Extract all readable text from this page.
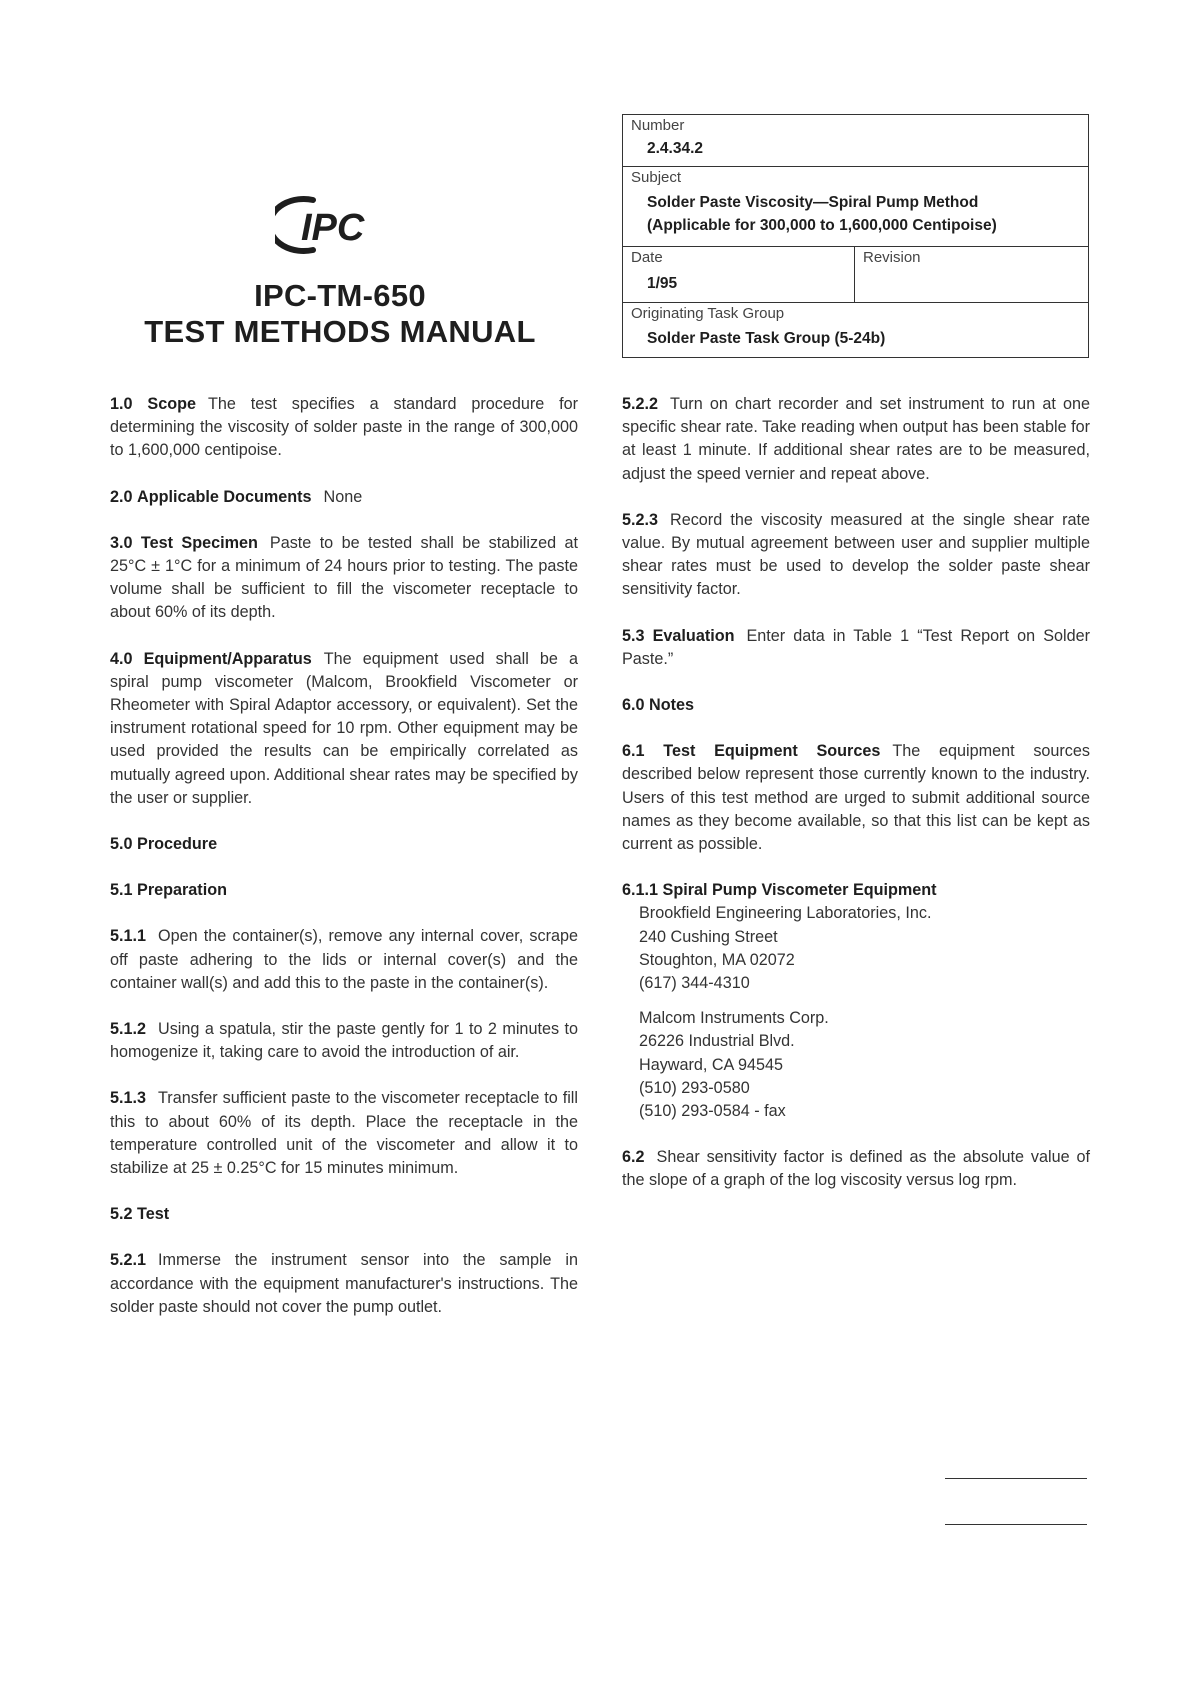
IPC
IPC-TM-650
TEST METHODS MANUAL
Number
2.4.34.2
Subject
Solder Paste Viscosity—Spiral Pump Method
(Applicable for 300,000 to 1,600,000 Centipoise)
Date
1/95
Revision
Originating Task Group
Solder Paste Task Group (5-24b)

1.0 Scope The test specifies a standard procedure for determining the viscosity of solder paste in the range of 300,000 to 1,600,000 centipoise.

2.0 Applicable Documents None

3.0 Test Specimen Paste to be tested shall be stabilized at 25°C ± 1°C for a minimum of 24 hours prior to testing. The paste volume shall be sufficient to fill the viscometer receptacle to about 60% of its depth.

4.0 Equipment/Apparatus The equipment used shall be a spiral pump viscometer (Malcom, Brookfield Viscometer or Rheometer with Spiral Adaptor accessory, or equivalent). Set the instrument rotational speed for 10 rpm. Other equipment may be used provided the results can be empirically correlated as mutually agreed upon. Additional shear rates may be specified by the user or supplier.

5.0 Procedure

5.1 Preparation

5.1.1 Open the container(s), remove any internal cover, scrape off paste adhering to the lids or internal cover(s) and the container wall(s) and add this to the paste in the container(s).

5.1.2 Using a spatula, stir the paste gently for 1 to 2 minutes to homogenize it, taking care to avoid the introduction of air.

5.1.3 Transfer sufficient paste to the viscometer receptacle to fill this to about 60% of its depth. Place the receptacle in the temperature controlled unit of the viscometer and allow it to stabilize at 25 ± 0.25°C for 15 minutes minimum.

5.2 Test

5.2.1 Immerse the instrument sensor into the sample in accordance with the equipment manufacturer's instructions. The solder paste should not cover the pump outlet.

5.2.2 Turn on chart recorder and set instrument to run at one specific shear rate. Take reading when output has been stable for at least 1 minute. If additional shear rates are to be measured, adjust the speed vernier and repeat above.

5.2.3 Record the viscosity measured at the single shear rate value. By mutual agreement between user and supplier multiple shear rates must be used to develop the solder paste shear sensitivity factor.

5.3 Evaluation Enter data in Table 1 “Test Report on Solder Paste.”

6.0 Notes

6.1 Test Equipment Sources The equipment sources described below represent those currently known to the industry. Users of this test method are urged to submit additional source names as they become available, so that this list can be kept as current as possible.

6.1.1 Spiral Pump Viscometer Equipment

Brookfield Engineering Laboratories, Inc.
240 Cushing Street
Stoughton, MA 02072
(617) 344-4310
Malcom Instruments Corp.
26226 Industrial Blvd.
Hayward, CA 94545
(510) 293-0580
(510) 293-0584 - fax

6.2 Shear sensitivity factor is defined as the absolute value of the slope of a graph of the log viscosity versus log rpm.
